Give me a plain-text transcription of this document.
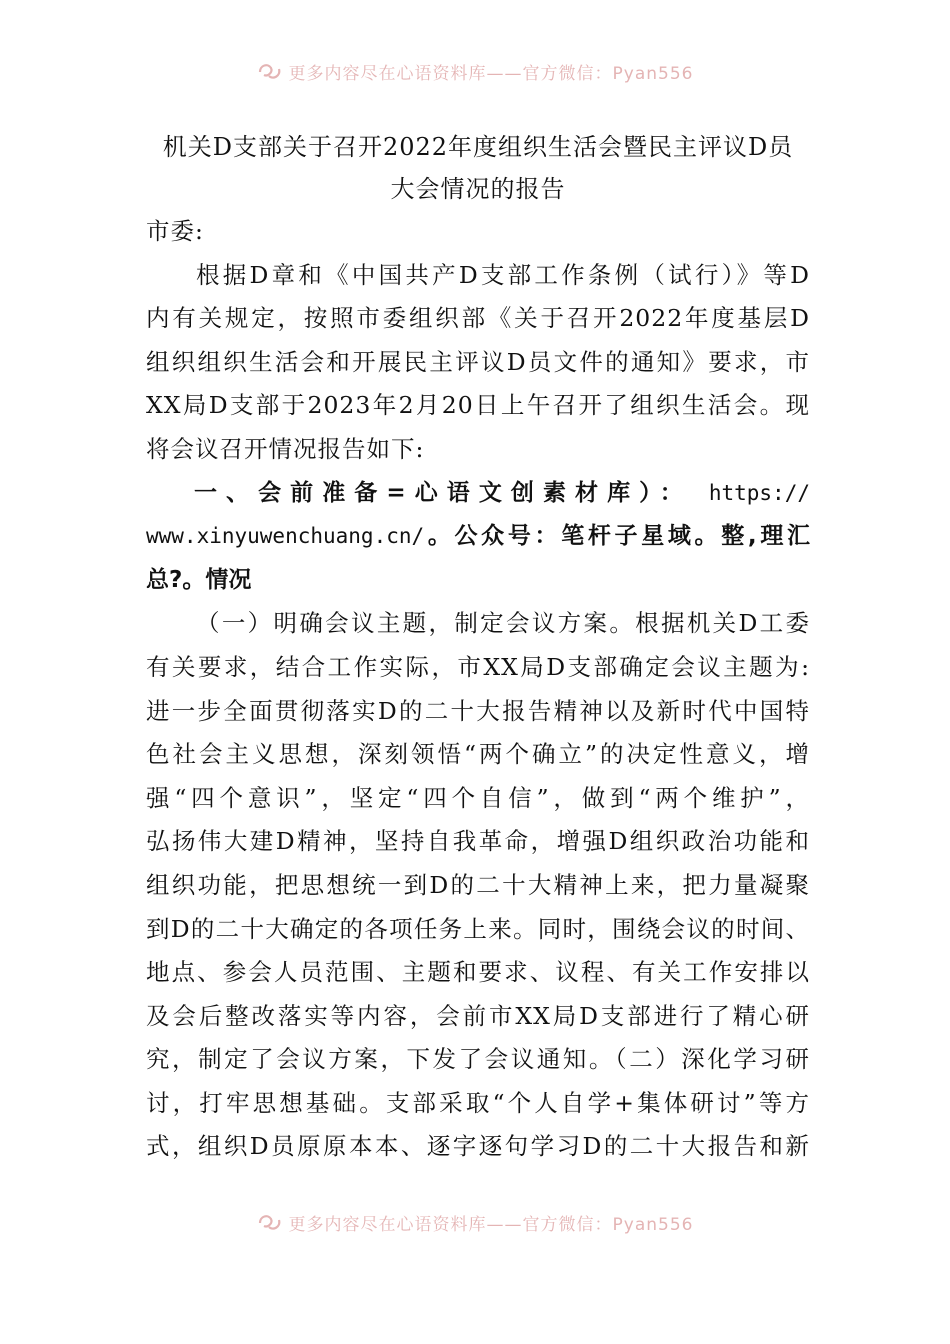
更多内容尽在心语资料库——官方微信：Pyan556

机关D支部关于召开2022年度组织生活会暨民主评议D员

大会情况的报告

市委:
根据D章和《中国共产D支部工作条例（试行）》等D
内有关规定，按照市委组织部《关于召开2022年度基层D
组织组织生活会和开展民主评议D员文件的通知》要求，市
XX局D支部于2023年2月20日上午召开了组织生活会。现
将会议召开情况报告如下:
一、会前准备=心语文创素材库）： https://
www.xinyuwenchuang.cn/。公众号：笔杆子星域。整,理汇
总?。情况
（一）明确会议主题，制定会议方案。根据机关D工委
有关要求，结合工作实际，市XX局D支部确定会议主题为:
进一步全面贯彻落实D的二十大报告精神以及新时代中国特
色社会主义思想，深刻领悟“两个确立”的决定性意义，增
强“四个意识”，坚定“四个自信”，做到“两个维护”，
弘扬伟大建D精神，坚持自我革命，增强D组织政治功能和
组织功能，把思想统一到D的二十大精神上来，把力量凝聚
到D的二十大确定的各项任务上来。同时，围绕会议的时间、
地点、参会人员范围、主题和要求、议程、有关工作安排以
及会后整改落实等内容，会前市XX局D支部进行了精心研
究，制定了会议方案，下发了会议通知。（二）深化学习研
讨，打牢思想基础。支部采取“个人自学+集体研讨”等方
式，组织D员原原本本、逐字逐句学习D的二十大报告和新
更多内容尽在心语资料库——官方微信：Pyan556
